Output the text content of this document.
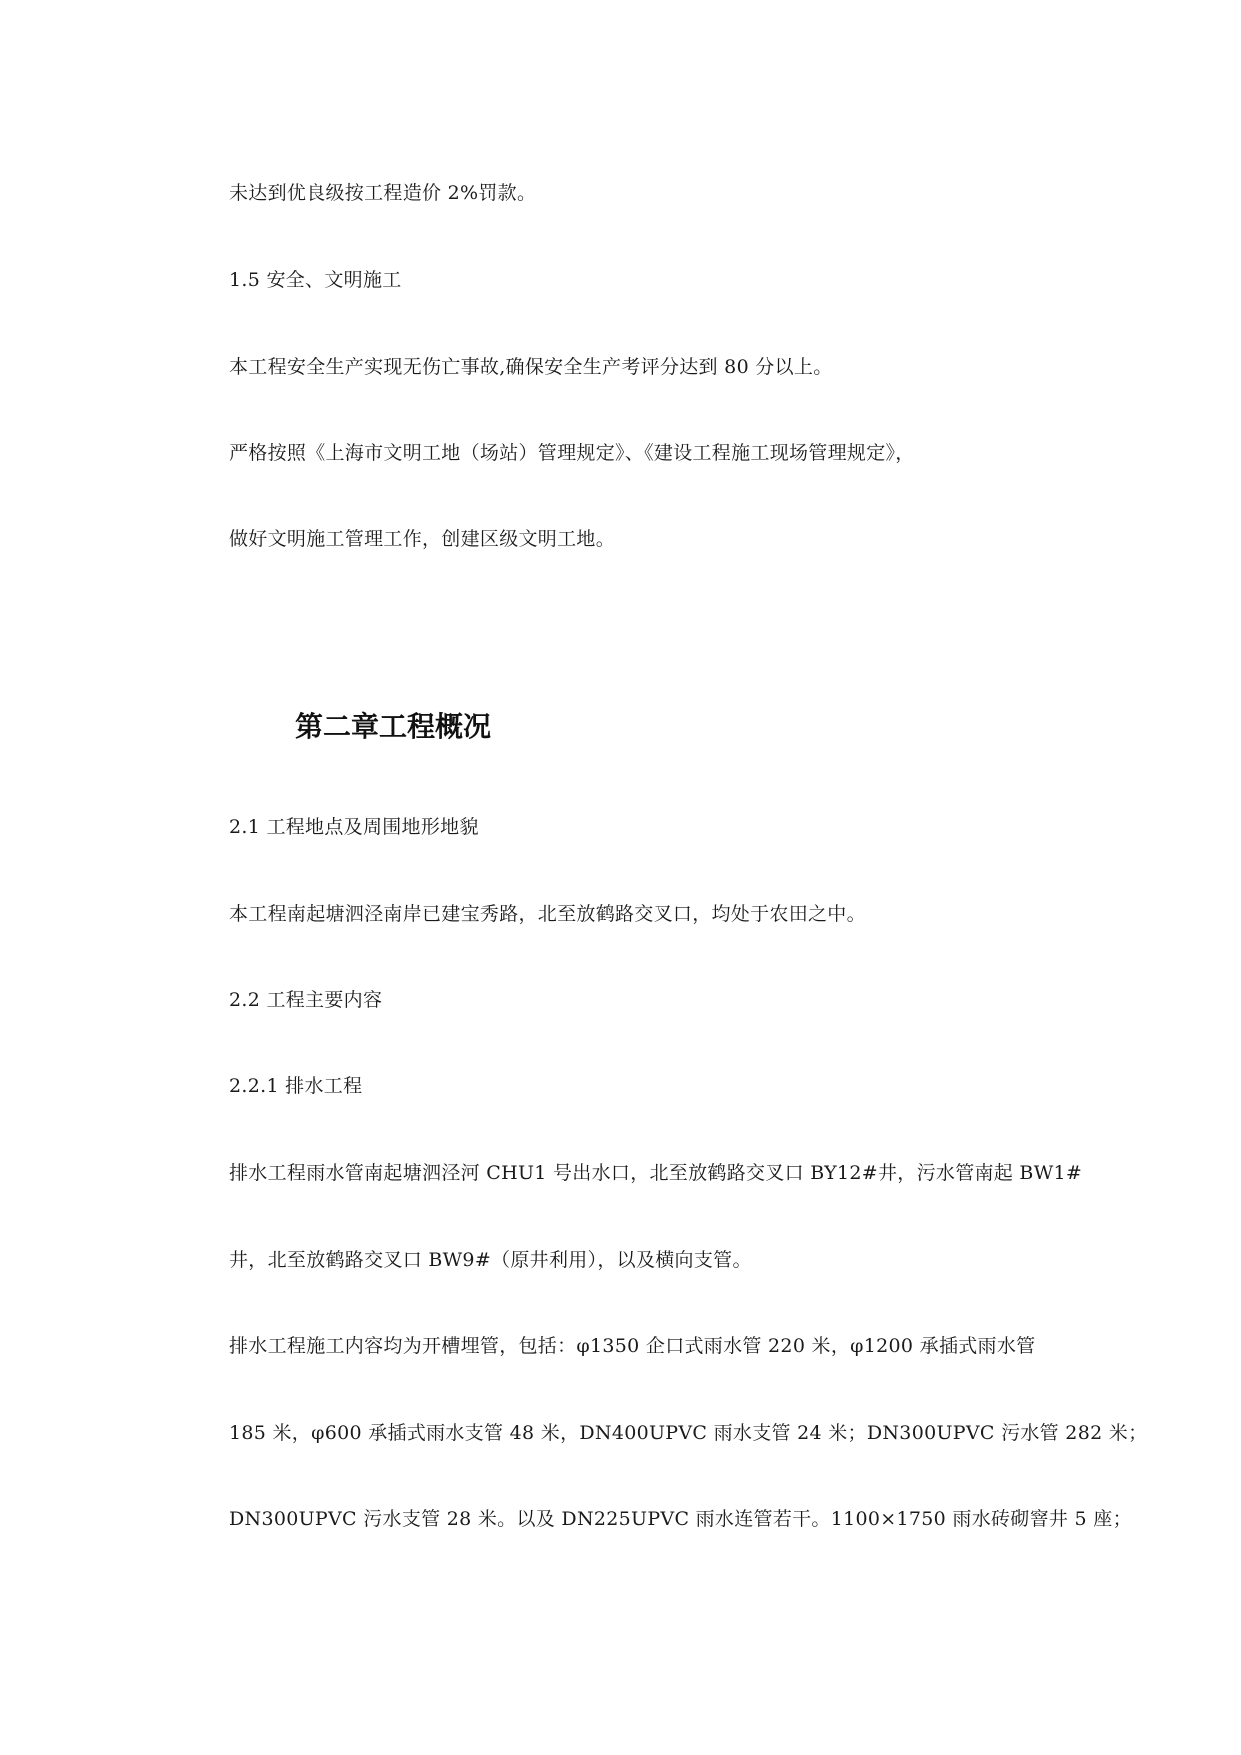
未达到优良级按工程造价 2%罚款。
1.5 安全、文明施工
本工程安全生产实现无伤亡事故,确保安全生产考评分达到 80 分以上。
严格按照《上海市文明工地（场站）管理规定》、《建设工程施工现场管理规定》，
做好文明施工管理工作，创建区级文明工地。
第二章工程概况
2.1 工程地点及周围地形地貌
本工程南起塘泗泾南岸已建宝秀路，北至放鹤路交叉口，均处于农田之中。
2.2 工程主要内容
2.2.1 排水工程
排水工程雨水管南起塘泗泾河 CHU1 号出水口，北至放鹤路交叉口 BY12#井，污水管南起 BW1#
井，北至放鹤路交叉口 BW9#（原井利用），以及横向支管。
排水工程施工内容均为开槽埋管，包括：φ1350 企口式雨水管 220 米，φ1200 承插式雨水管
185 米，φ600 承插式雨水支管 48 米，DN400UPVC 雨水支管 24 米；DN300UPVC 污水管 282 米；
DN300UPVC 污水支管 28 米。以及 DN225UPVC 雨水连管若干。1100×1750 雨水砖砌窨井 5 座；
